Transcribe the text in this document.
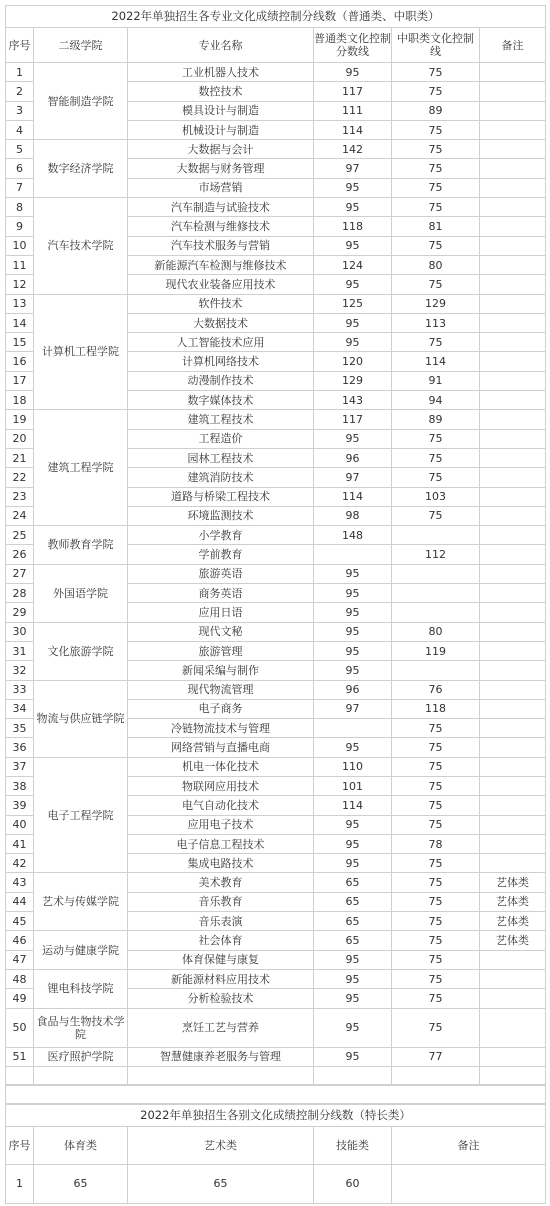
2022年单独招生各专业文化成绩控制分线数（普通类、中职类）					
序号	二级学院	专业名称	普通类文化控制分数线	中职类文化控制线	备注
1	智能制造学院	工业机器人技术	95	75	
2		数控技术	117	75	
3		模具设计与制造	111	89	
4		机械设计与制造	114	75	
5	数字经济学院	大数据与会计	142	75	
6		大数据与财务管理	97	75	
7		市场营销	95	75	
8	汽车技术学院	汽车制造与试验技术	95	75	
9		汽车检测与维修技术	118	81	
10		汽车技术服务与营销	95	75	
11		新能源汽车检测与维修技术	124	80	
12		现代农业装备应用技术	95	75	
13	计算机工程学院	软件技术	125	129	
14		大数据技术	95	113	
15		人工智能技术应用	95	75	
16		计算机网络技术	120	114	
17		动漫制作技术	129	91	
18		数字媒体技术	143	94	
19	建筑工程学院	建筑工程技术	117	89	
20		工程造价	95	75	
21		园林工程技术	96	75	
22		建筑消防技术	97	75	
23		道路与桥梁工程技术	114	103	
24		环境监测技术	98	75	
25	教师教育学院	小学教育	148		
26		学前教育		112	
27	外国语学院	旅游英语	95		
28		商务英语	95		
29		应用日语	95		
30	文化旅游学院	现代文秘	95	80	
31		旅游管理	95	119	
32		新闻采编与制作	95		
33	物流与供应链学院	现代物流管理	96	76	
34		电子商务	97	118	
35		冷链物流技术与管理		75	
36		网络营销与直播电商	95	75	
37	电子工程学院	机电一体化技术	110	75	
38		物联网应用技术	101	75	
39		电气自动化技术	114	75	
40		应用电子技术	95	75	
41		电子信息工程技术	95	78	
42		集成电路技术	95	75	
43	艺术与传媒学院	美术教育	65	75	艺体类
44		音乐教育	65	75	艺体类
45		音乐表演	65	75	艺体类
46	运动与健康学院	社会体育	65	75	艺体类
47		体育保健与康复	95	75	
48	锂电科技学院	新能源材料应用技术	95	75	
49		分析检验技术	95	75	
50	食品与生物技术学院	烹饪工艺与营养	95	75	
51	医疗照护学院	智慧健康养老服务与管理	95	77	

2022年单独招生各别文化成绩控制分线数（特长类）				
序号	体育类	艺术类	技能类	备注
1	65	65	60	
